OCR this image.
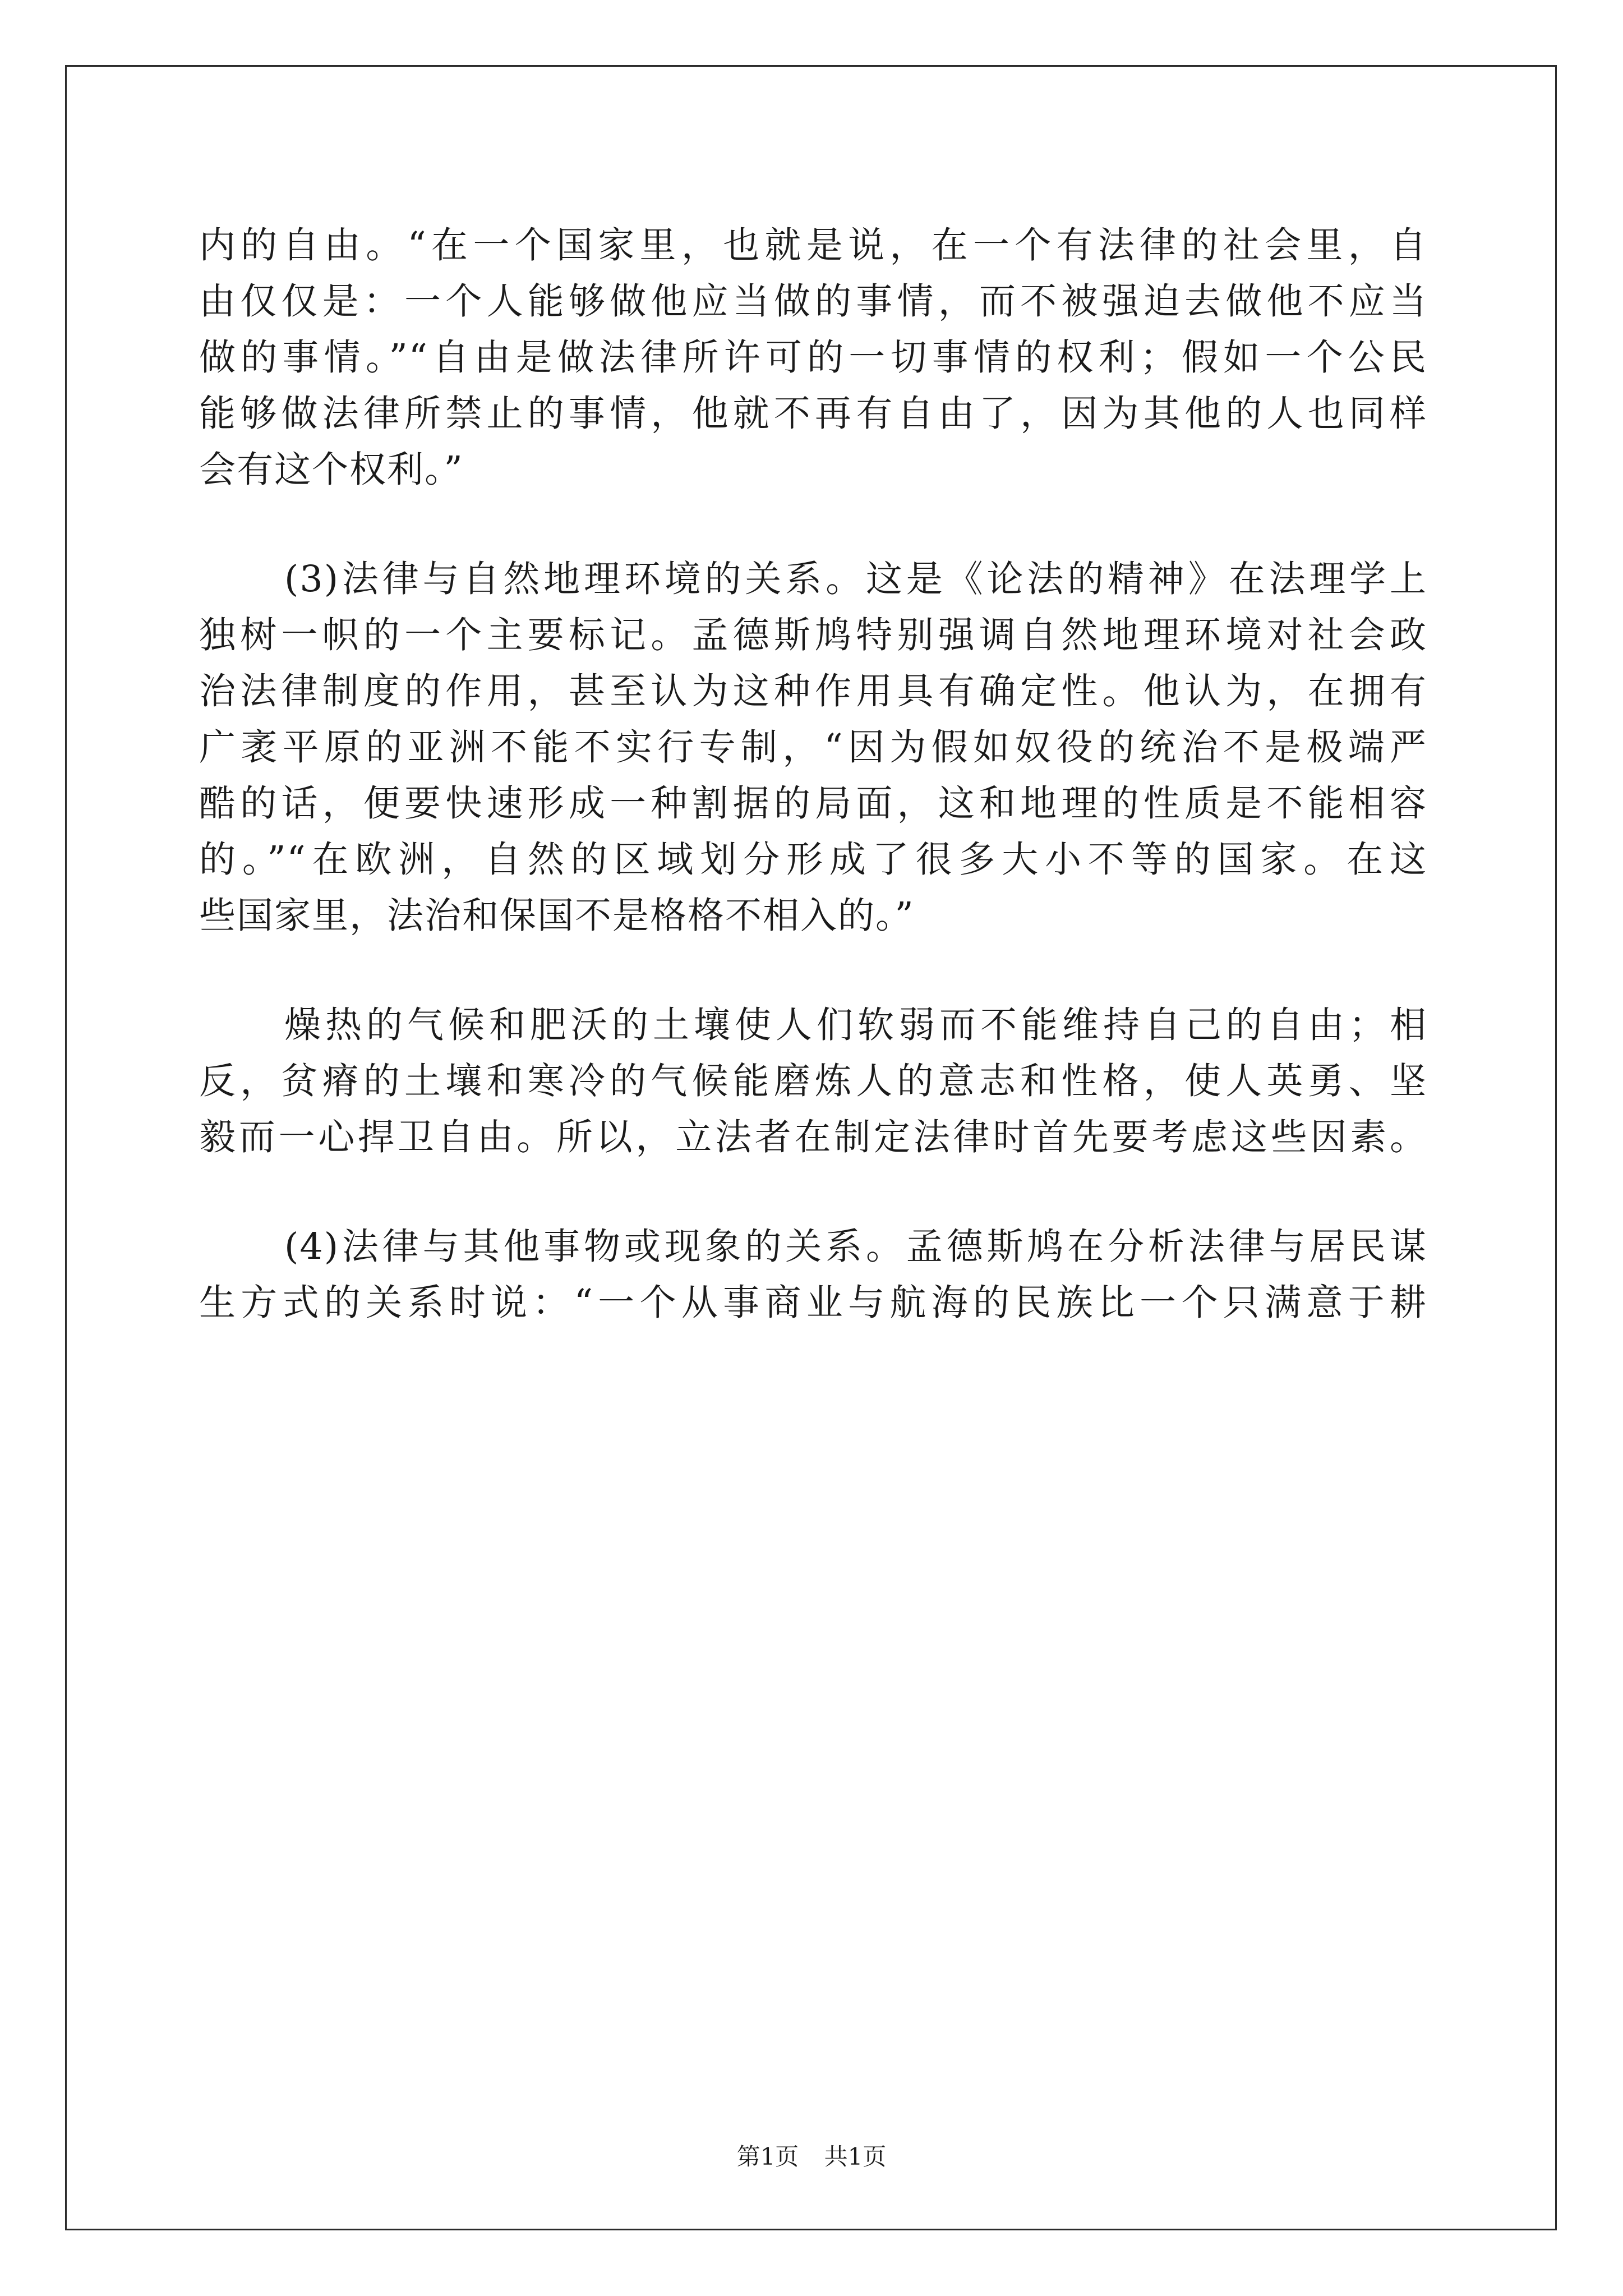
内的自由。“在一个国家里，也就是说，在一个有法律的社会里，自

由仅仅是：一个人能够做他应当做的事情，而不被强迫去做他不应当

做的事情。”“自由是做法律所许可的一切事情的权利；假如一个公民

能够做法律所禁止的事情，他就不再有自由了，因为其他的人也同样

会有这个权利。”

(3)法律与自然地理环境的关系。这是《论法的精神》在法理学上

独树一帜的一个主要标记。孟德斯鸠特别强调自然地理环境对社会政

治法律制度的作用，甚至认为这种作用具有确定性。他认为，在拥有

广袤平原的亚洲不能不实行专制，“因为假如奴役的统治不是极端严

酷的话，便要快速形成一种割据的局面，这和地理的性质是不能相容

的。”“在欧洲，自然的区域划分形成了很多大小不等的国家。在这

些国家里，法治和保国不是格格不相入的。”

燥热的气候和肥沃的土壤使人们软弱而不能维持自己的自由；相

反，贫瘠的土壤和寒冷的气候能磨炼人的意志和性格，使人英勇、坚

毅而一心捍卫自由。所以，立法者在制定法律时首先要考虑这些因素。

(4)法律与其他事物或现象的关系。孟德斯鸠在分析法律与居民谋

生方式的关系时说：“一个从事商业与航海的民族比一个只满意于耕

第1页 共1页
